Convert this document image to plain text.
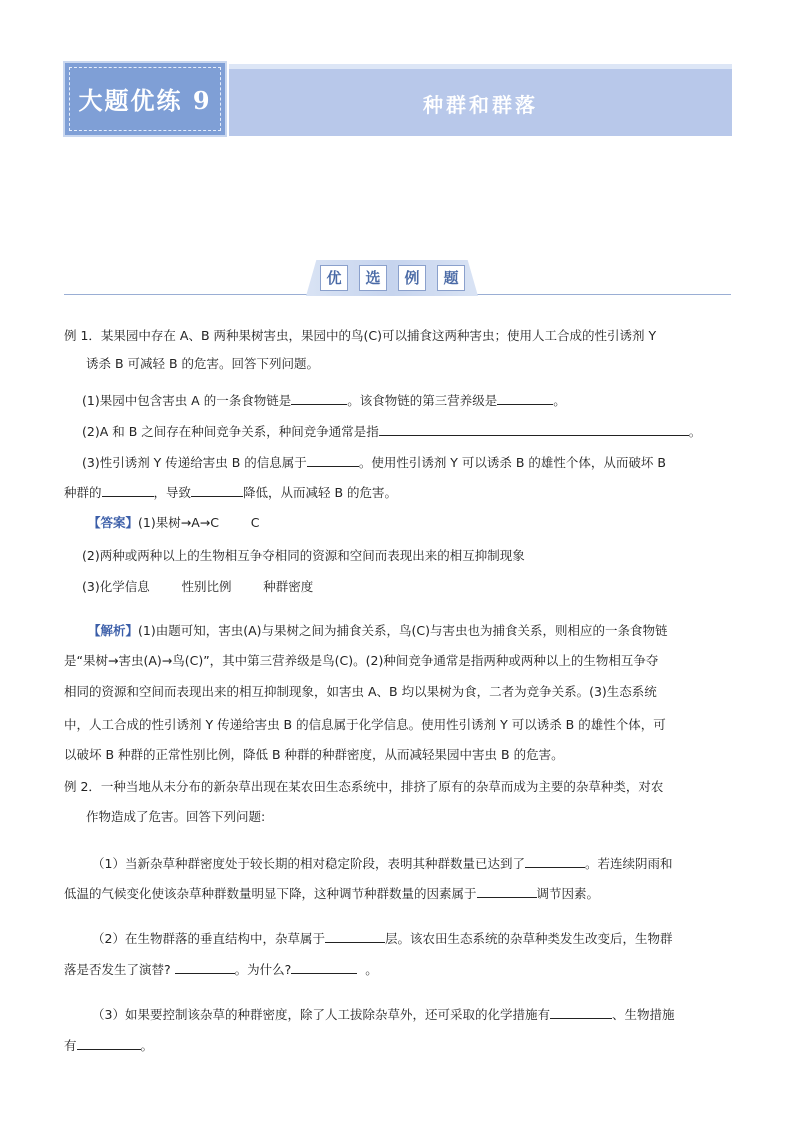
大题优练 9	种群和群落
优	选	例	题
例 1．某果园中存在 A、B 两种果树害虫，果园中的鸟(C)可以捕食这两种害虫；使用人工合成的性引诱剂 Y
诱杀 B 可减轻 B 的危害。回答下列问题。
(1)果园中包含害虫 A 的一条食物链是	。该食物链的第三营养级是	。
(2)A 和 B 之间存在种间竞争关系，种间竞争通常是指	。
(3)性引诱剂 Y 传递给害虫 B 的信息属于	。使用性引诱剂 Y 可以诱杀 B 的雄性个体，从而破坏 B
种群的	，导致	降低，从而减轻 B 的危害。
【答案】(1)果树→A→C        C
(2)两种或两种以上的生物相互争夺相同的资源和空间而表现出来的相互抑制现象
(3)化学信息        性别比例        种群密度
【解析】(1)由题可知，害虫(A)与果树之间为捕食关系，鸟(C)与害虫也为捕食关系，则相应的一条食物链
是“果树→害虫(A)→鸟(C)”，其中第三营养级是鸟(C)。(2)种间竞争通常是指两种或两种以上的生物相互争夺
相同的资源和空间而表现出来的相互抑制现象，如害虫 A、B 均以果树为食，二者为竞争关系。(3)生态系统
中，人工合成的性引诱剂 Y 传递给害虫 B 的信息属于化学信息。使用性引诱剂 Y 可以诱杀 B 的雄性个体，可
以破坏 B 种群的正常性别比例，降低 B 种群的种群密度，从而减轻果园中害虫 B 的危害。
例 2．一种当地从未分布的新杂草出现在某农田生态系统中，排挤了原有的杂草而成为主要的杂草种类，对农
作物造成了危害。回答下列问题:
（1）当新杂草种群密度处于较长期的相对稳定阶段，表明其种群数量已达到了	。若连续阴雨和
低温的气候变化使该杂草种群数量明显下降，这种调节种群数量的因素属于	调节因素。
（2）在生物群落的垂直结构中，杂草属于	层。该农田生态系统的杂草种类发生改变后，生物群
落是否发生了演替?	。为什么?	。
（3）如果要控制该杂草的种群密度，除了人工拔除杂草外，还可采取的化学措施有	、生物措施
有	。
